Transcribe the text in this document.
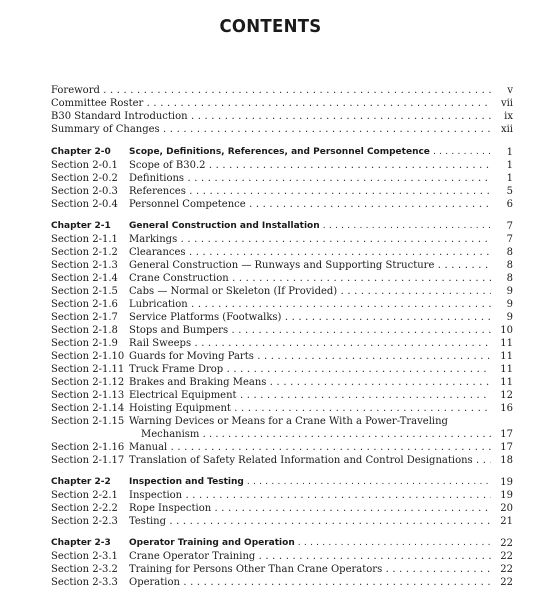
CONTENTS
Foreword . . .	v
Committee Roster . . .	vii
B30 Standard Introduction . . .	ix
Summary of Changes . . .	xii
Chapter 2-0 Scope, Definitions, References, and Personnel Competence . . .	1
Section 2-0.1 Scope of B30.2 . . .	1
Section 2-0.2 Definitions . . .	1
Section 2-0.3 References . . .	5
Section 2-0.4 Personnel Competence . . .	6
Chapter 2-1 General Construction and Installation . . .	7
Section 2-1.1 Markings . . .	7
Section 2-1.2 Clearances . . .	8
Section 2-1.3 General Construction — Runways and Supporting Structure . . .	8
Section 2-1.4 Crane Construction . . .	8
Section 2-1.5 Cabs — Normal or Skeleton (If Provided) . . .	9
Section 2-1.6 Lubrication . . .	9
Section 2-1.7 Service Platforms (Footwalks) . . .	9
Section 2-1.8 Stops and Bumpers . . .	10
Section 2-1.9 Rail Sweeps . . .	11
Section 2-1.10 Guards for Moving Parts . . .	11
Section 2-1.11 Truck Frame Drop . . .	11
Section 2-1.12 Brakes and Braking Means . . .	11
Section 2-1.13 Electrical Equipment . . .	12
Section 2-1.14 Hoisting Equipment . . .	16
Section 2-1.15 Warning Devices or Means for a Crane With a Power-Traveling
Mechanism . . .	17
Section 2-1.16 Manual . . .	17
Section 2-1.17 Translation of Safety Related Information and Control Designations . . .	18
Chapter 2-2 Inspection and Testing . . .	19
Section 2-2.1 Inspection . . .	19
Section 2-2.2 Rope Inspection . . .	20
Section 2-2.3 Testing . . .	21
Chapter 2-3 Operator Training and Operation . . .	22
Section 2-3.1 Crane Operator Training . . .	22
Section 2-3.2 Training for Persons Other Than Crane Operators . . .	22
Section 2-3.3 Operation . . .	22
